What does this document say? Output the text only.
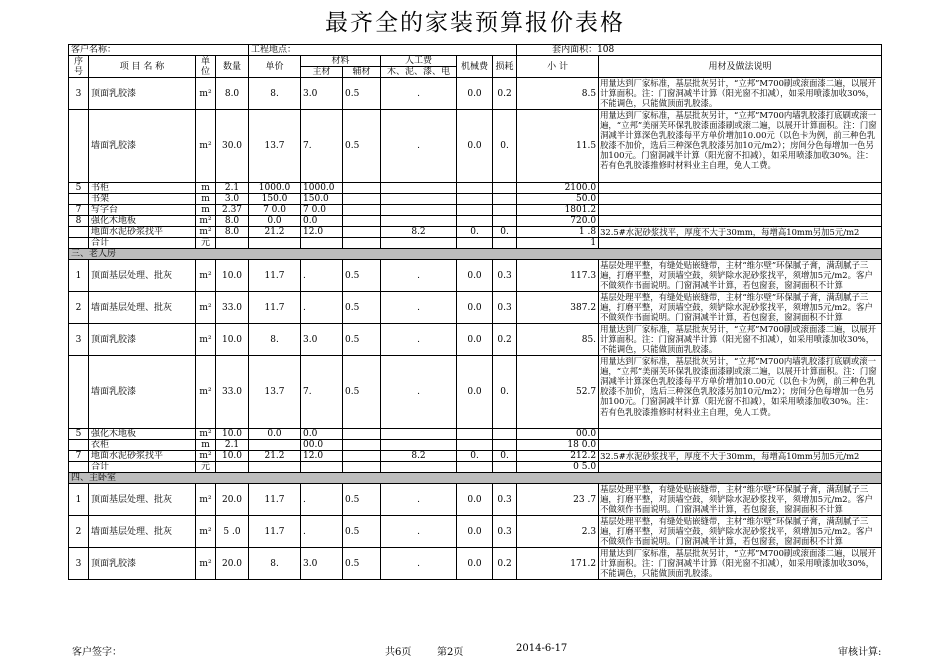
最齐全的家装预算报价表格
客户名称：				工程地点：						套内面积：108	
序号	项 目 名 称	单位	数量	单价	材料		人工费	机械费	损耗	小 计	用材及做法说明
					主材	辅材	木、泥、漆、电				

3	顶面乳胶漆	m²	8.0	8.	3.0	0.5	.	0.0	0.2	8.5	用量达到厂家标准，基层批灰另计，“立邦”M700刷或滚面漆二遍，以展开计算面积。注：门窗洞减半计算（阳光窗不扣减），如采用喷漆加收30%，不能调色，只能做顶面乳胶漆。
	墙面乳胶漆	m²	30.0	13.7	7.	0.5	.	0.0	0.	11.5	用量达到厂家标准，基层批灰另计，“立邦”M700内墙乳胶漆打底刷或滚一遍，“立邦”美丽芙环保乳胶漆面漆刷或滚二遍，以展开计算面积。注：门窗洞减半计算深色乳胶漆每平方单价增加10.00元（以色卡为例，前三种色乳胶漆不加价，选后三种深色乳胶漆另加10元/m2）；房间分色每增加一色另加100元。门窗洞减半计算（阳光窗不扣减），如采用喷漆加收30%。注：若有色乳胶漆推修时材料业主自理，免人工费。
5	书柜	m	2.1	1000.0	1000.0					2100.0	
	书架	m	3.0	150.0	150.0					50.0	
7	写字台	m	2.37	7 0.0	7 0.0					1801.2	
8	强化木地板	m²	8.0	0.0	0.0					720.0	
	地面水泥砂浆找平	m²	8.0	21.2	12.0		8.2	0.	0.	1 .8	32.5#水泥砂浆找平，厚度不大于30mm，每增高10mm另加5元/m2
	合计	元								1	
三、老人房											
1	顶面基层处理、批灰	m²	10.0	11.7	.	0.5	.	0.0	0.3	117.3	基层处理平整，有缝处贴嵌缝带，主材“维尔壁”环保腻子膏，满刮腻子三遍，打磨平整，对顶墙空鼓，须铲除水泥砂浆找平，须增加5元/m2。客户不做须作书面说明。门窗洞减半计算，若包窗套，窗洞面积不计算
2	墙面基层处理、批灰	m²	33.0	11.7	.	0.5	.	0.0	0.3	387.2	基层处理平整，有缝处贴嵌缝带，主材“维尔壁”环保腻子膏，满刮腻子三遍，打磨平整，对顶墙空鼓，须铲除水泥砂浆找平，须增加5元/m2。客户不做须作书面说明。门窗洞减半计算，若包窗套，窗洞面积不计算
3	顶面乳胶漆	m²	10.0	8.	3.0	0.5	.	0.0	0.2	85.	用量达到厂家标准，基层批灰另计，“立邦”M700刷或滚面漆二遍，以展开计算面积。注：门窗洞减半计算（阳光窗不扣减），如采用喷漆加收30%，不能调色，只能做顶面乳胶漆。
	墙面乳胶漆	m²	33.0	13.7	7.	0.5	.	0.0	0.	52.7	用量达到厂家标准，基层批灰另计，“立邦”M700内墙乳胶漆打底刷或滚一遍，“立邦”美丽芙环保乳胶漆面漆刷或滚二遍，以展开计算面积。注：门窗洞减半计算深色乳胶漆每平方单价增加10.00元（以色卡为例，前三种色乳胶漆不加价，选后三种深色乳胶漆另加10元/m2）；房间分色每增加一色另加100元。门窗洞减半计算（阳光窗不扣减），如采用喷漆加收30%。注：若有色乳胶漆推修时材料业主自理，免人工费。
5	强化木地板	m²	10.0	0.0	0.0					00.0	
	衣柜	m	2.1		00.0					18 0.0	
7	地面水泥砂浆找平	m²	10.0	21.2	12.0		8.2	0.	0.	212.2	32.5#水泥砂浆找平，厚度不大于30mm，每增高10mm另加5元/m2
	合计	元								0 5.0	
四、主卧室											
1	顶面基层处理、批灰	m²	20.0	11.7	.	0.5	.	0.0	0.3	23 .7	基层处理平整，有缝处贴嵌缝带，主材“维尔壁”环保腻子膏，满刮腻子三遍，打磨平整，对顶墙空鼓，须铲除水泥砂浆找平，须增加5元/m2。客户不做须作书面说明。门窗洞减半计算，若包窗套，窗洞面积不计算
2	墙面基层处理、批灰	m²	5 .0	11.7	.	0.5	.	0.0	0.3	2.3	基层处理平整，有缝处贴嵌缝带，主材“维尔壁”环保腻子膏，满刮腻子三遍，打磨平整，对顶墙空鼓，须铲除水泥砂浆找平，须增加5元/m2。客户不做须作书面说明。门窗洞减半计算，若包窗套，窗洞面积不计算
3	顶面乳胶漆	m²	20.0	8.	3.0	0.5	.	0.0	0.2	171.2	用量达到厂家标准，基层批灰另计，“立邦”M700刷或滚面漆二遍，以展开计算面积。注：门窗洞减半计算（阳光窗不扣减），如采用喷漆加收30%，不能调色，只能做顶面乳胶漆。
客户签字：	共6页	第2页	2014-6-17	审核计算:
